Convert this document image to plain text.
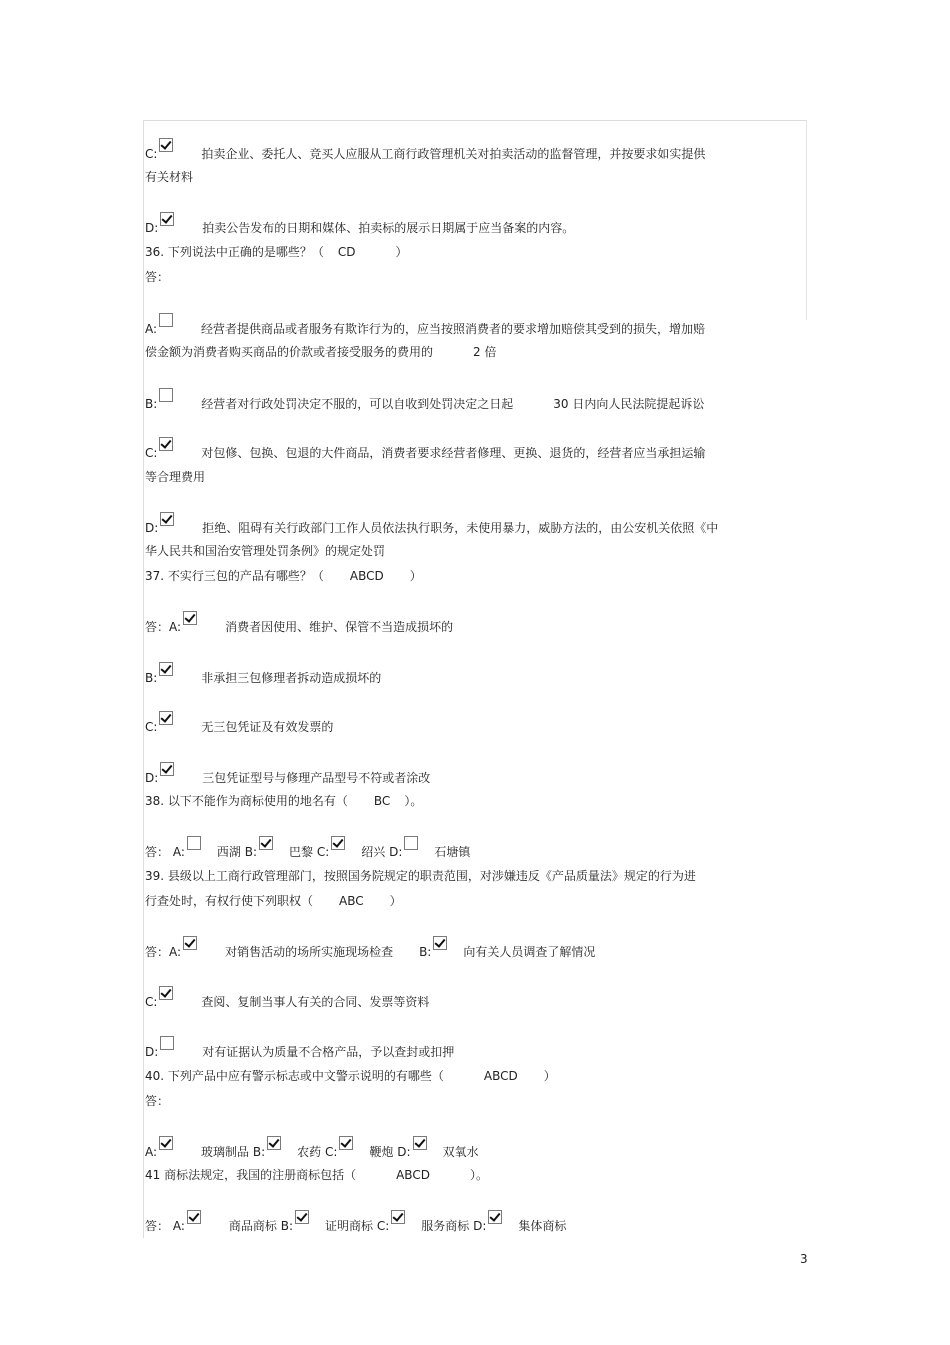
C:	拍卖企业、委托人、竞买人应服从工商行政管理机关对拍卖活动的监督管理，并按要求如实提供
有关材料
D:	拍卖公告发布的日期和媒体、拍卖标的展示日期属于应当备案的内容。
36. 下列说法中正确的是哪些？（ CD	）
答：
A:	经营者提供商品或者服务有欺诈行为的，应当按照消费者的要求增加赔偿其受到的损失，增加赔
偿金额为消费者购买商品的价款或者接受服务的费用的	2 倍
B:	经营者对行政处罚决定不服的，可以自收到处罚决定之日起	30 日内向人民法院提起诉讼
C:	对包修、包换、包退的大件商品，消费者要求经营者修理、更换、退货的，经营者应当承担运输
等合理费用
D:	拒绝、阻碍有关行政部门工作人员依法执行职务，未使用暴力，威胁方法的，由公安机关依照《中
华人民共和国治安管理处罚条例》的规定处罚
37. 不实行三包的产品有哪些？（ ABCD ）
答：A:	消费者因使用、维护、保管不当造成损坏的
B:	非承担三包修理者拆动造成损坏的
C:	无三包凭证及有效发票的
D:	三包凭证型号与修理产品型号不符或者涂改
38. 以下不能作为商标使用的地名有（ BC ）。
答： A:	西湖 B:	巴黎 C:	绍兴 D:	石塘镇
39. 县级以上工商行政管理部门，按照国务院规定的职责范围，对涉嫌违反《产品质量法》规定的行为进
行查处时，有权行使下列职权（ ABC ）
答：A:	对销售活动的场所实施现场检查 B:	向有关人员调查了解情况
C:	查阅、复制当事人有关的合同、发票等资料
D:	对有证据认为质量不合格产品，予以查封或扣押
40. 下列产品中应有警示标志或中文警示说明的有哪些（	ABCD ）
答：
A:	玻璃制品 B:	农药 C:	鞭炮 D:	双氧水
41 商标法规定，我国的注册商标包括（	ABCD	）。
答： A:	商品商标 B:	证明商标 C:	服务商标 D:	集体商标
3
